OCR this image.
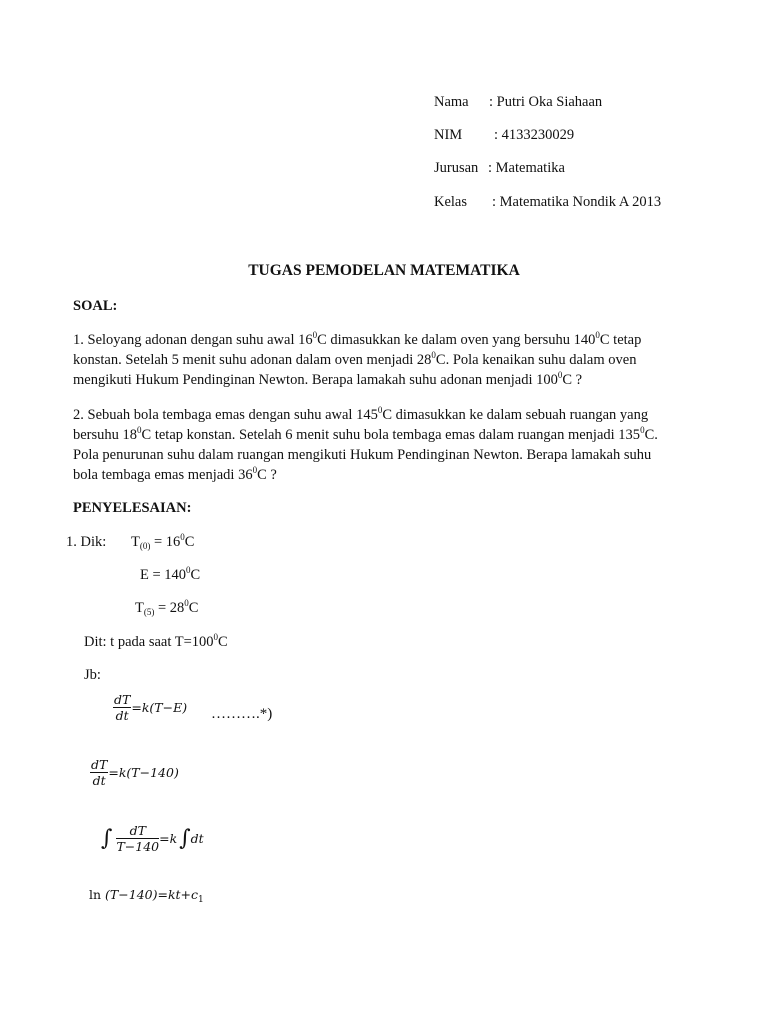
Nama : Putri Oka Siahaan
NIM : 4133230029
Jurusan : Matematika
Kelas : Matematika Nondik A 2013
TUGAS PEMODELAN MATEMATIKA
SOAL:
1. Seloyang adonan dengan suhu awal $16^0C$ dimasukkan ke dalam oven yang bersuhu $140^0C$ tetap konstan. Setelah 5 menit suhu adonan dalam oven menjadi $28^0C$. Pola kenaikan suhu dalam oven mengikuti Hukum Pendinginan Newton. Berapa lamakah suhu adonan menjadi $100^0C$ ?
2. Sebuah bola tembaga emas dengan suhu awal $145^0C$ dimasukkan ke dalam sebuah ruangan yang bersuhu $18^0C$ tetap konstan. Setelah 6 menit suhu bola tembaga emas dalam ruangan menjadi $135^0C$. Pola penurunan suhu dalam ruangan mengikuti Hukum Pendinginan Newton. Berapa lamakah suhu bola tembaga emas menjadi $36^0C$ ?
PENYELESAIAN:
1. Dik: $T_{(0)} = 16^0C$
$E = 140^0C$
$T_{(5)} = 28^0C$
Dit: t pada saat $T=100^0C$
Jb:
$\frac{dT}{dt} =k(T-E)$ ……….*)
$\frac{dT}{dt} =k(T-140)$
∫ $\frac{dT}{T-140} =k$ ∫ dt
$\ln (T-140)=kt+c_1$
